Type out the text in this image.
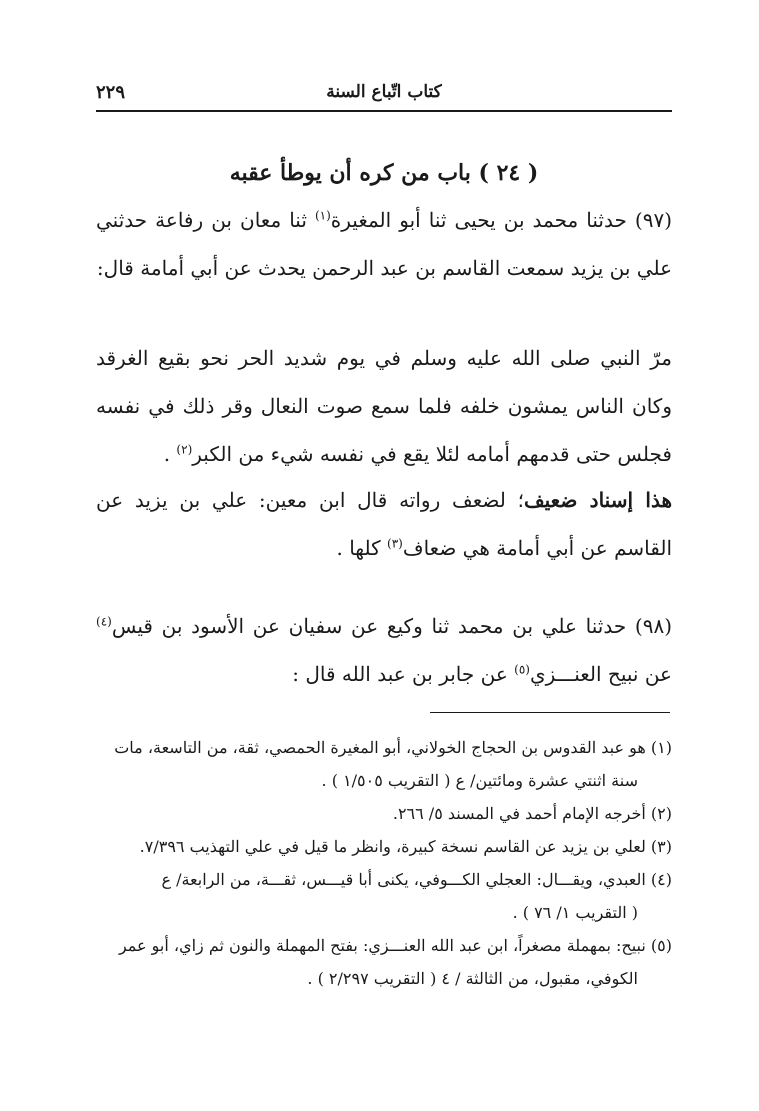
كتاب اتّباع السنة
٢٢٩
( ٢٤ ) باب من كره أن يوطأ عقبه
(٩٧) حدثنا محمد بن يحيى ثنا أبو المغيرة$^{(١)}$ ثنا معان بن رفاعة حدثني علي بن يزيد سمعت القاسم بن عبد الرحمن يحدث عن أبي أمامة قال:
مرّ النبي صلى الله عليه وسلم في يوم شديد الحر نحو بقيع الغرقد وكان الناس يمشون خلفه فلما سمع صوت النعال وقر ذلك في نفسه فجلس حتى قدمهم أمامه لئلا يقع في نفسه شيء من الكبر$^{(٢)}$ .
هذا إسناد ضعيف؛ لضعف رواته قال ابن معين: علي بن يزيد عن القاسم عن أبي أمامة هي ضعاف$^{(٣)}$ كلها .
(٩٨) حدثنا علي بن محمد ثنا وكيع عن سفيان عن الأسود بن قيس$^{(٤)}$ عن نبيح العنـــزي$^{(٥)}$ عن جابر بن عبد الله قال :

(١) هو عبد القدوس بن الحجاج الخولاني، أبو المغيرة الحمصي، ثقة، من التاسعة، مات

سنة اثنتي عشرة ومائتين/ ع ( التقريب ١/٥٠٥ ) .

(٢) أخرجه الإمام أحمد في المسند ٥/ ٢٦٦.

(٣) لعلي بن يزيد عن القاسم نسخة كبيرة، وانظر ما قيل في علي التهذيب ٧/٣٩٦.

(٤) العبدي، ويقـــال: العجلي الكـــوفي، يكنى أبا قيـــس، ثقـــة، من الرابعة/ ع

( التقريب ١/ ٧٦ ) .

(٥) نبيح: بمهملة مصغراً، ابن عبد الله العنـــزي: بفتح المهملة والنون ثم زاي، أبو عمر

الكوفي، مقبول، من الثالثة / ٤ ( التقريب ٢/٢٩٧ ) .
